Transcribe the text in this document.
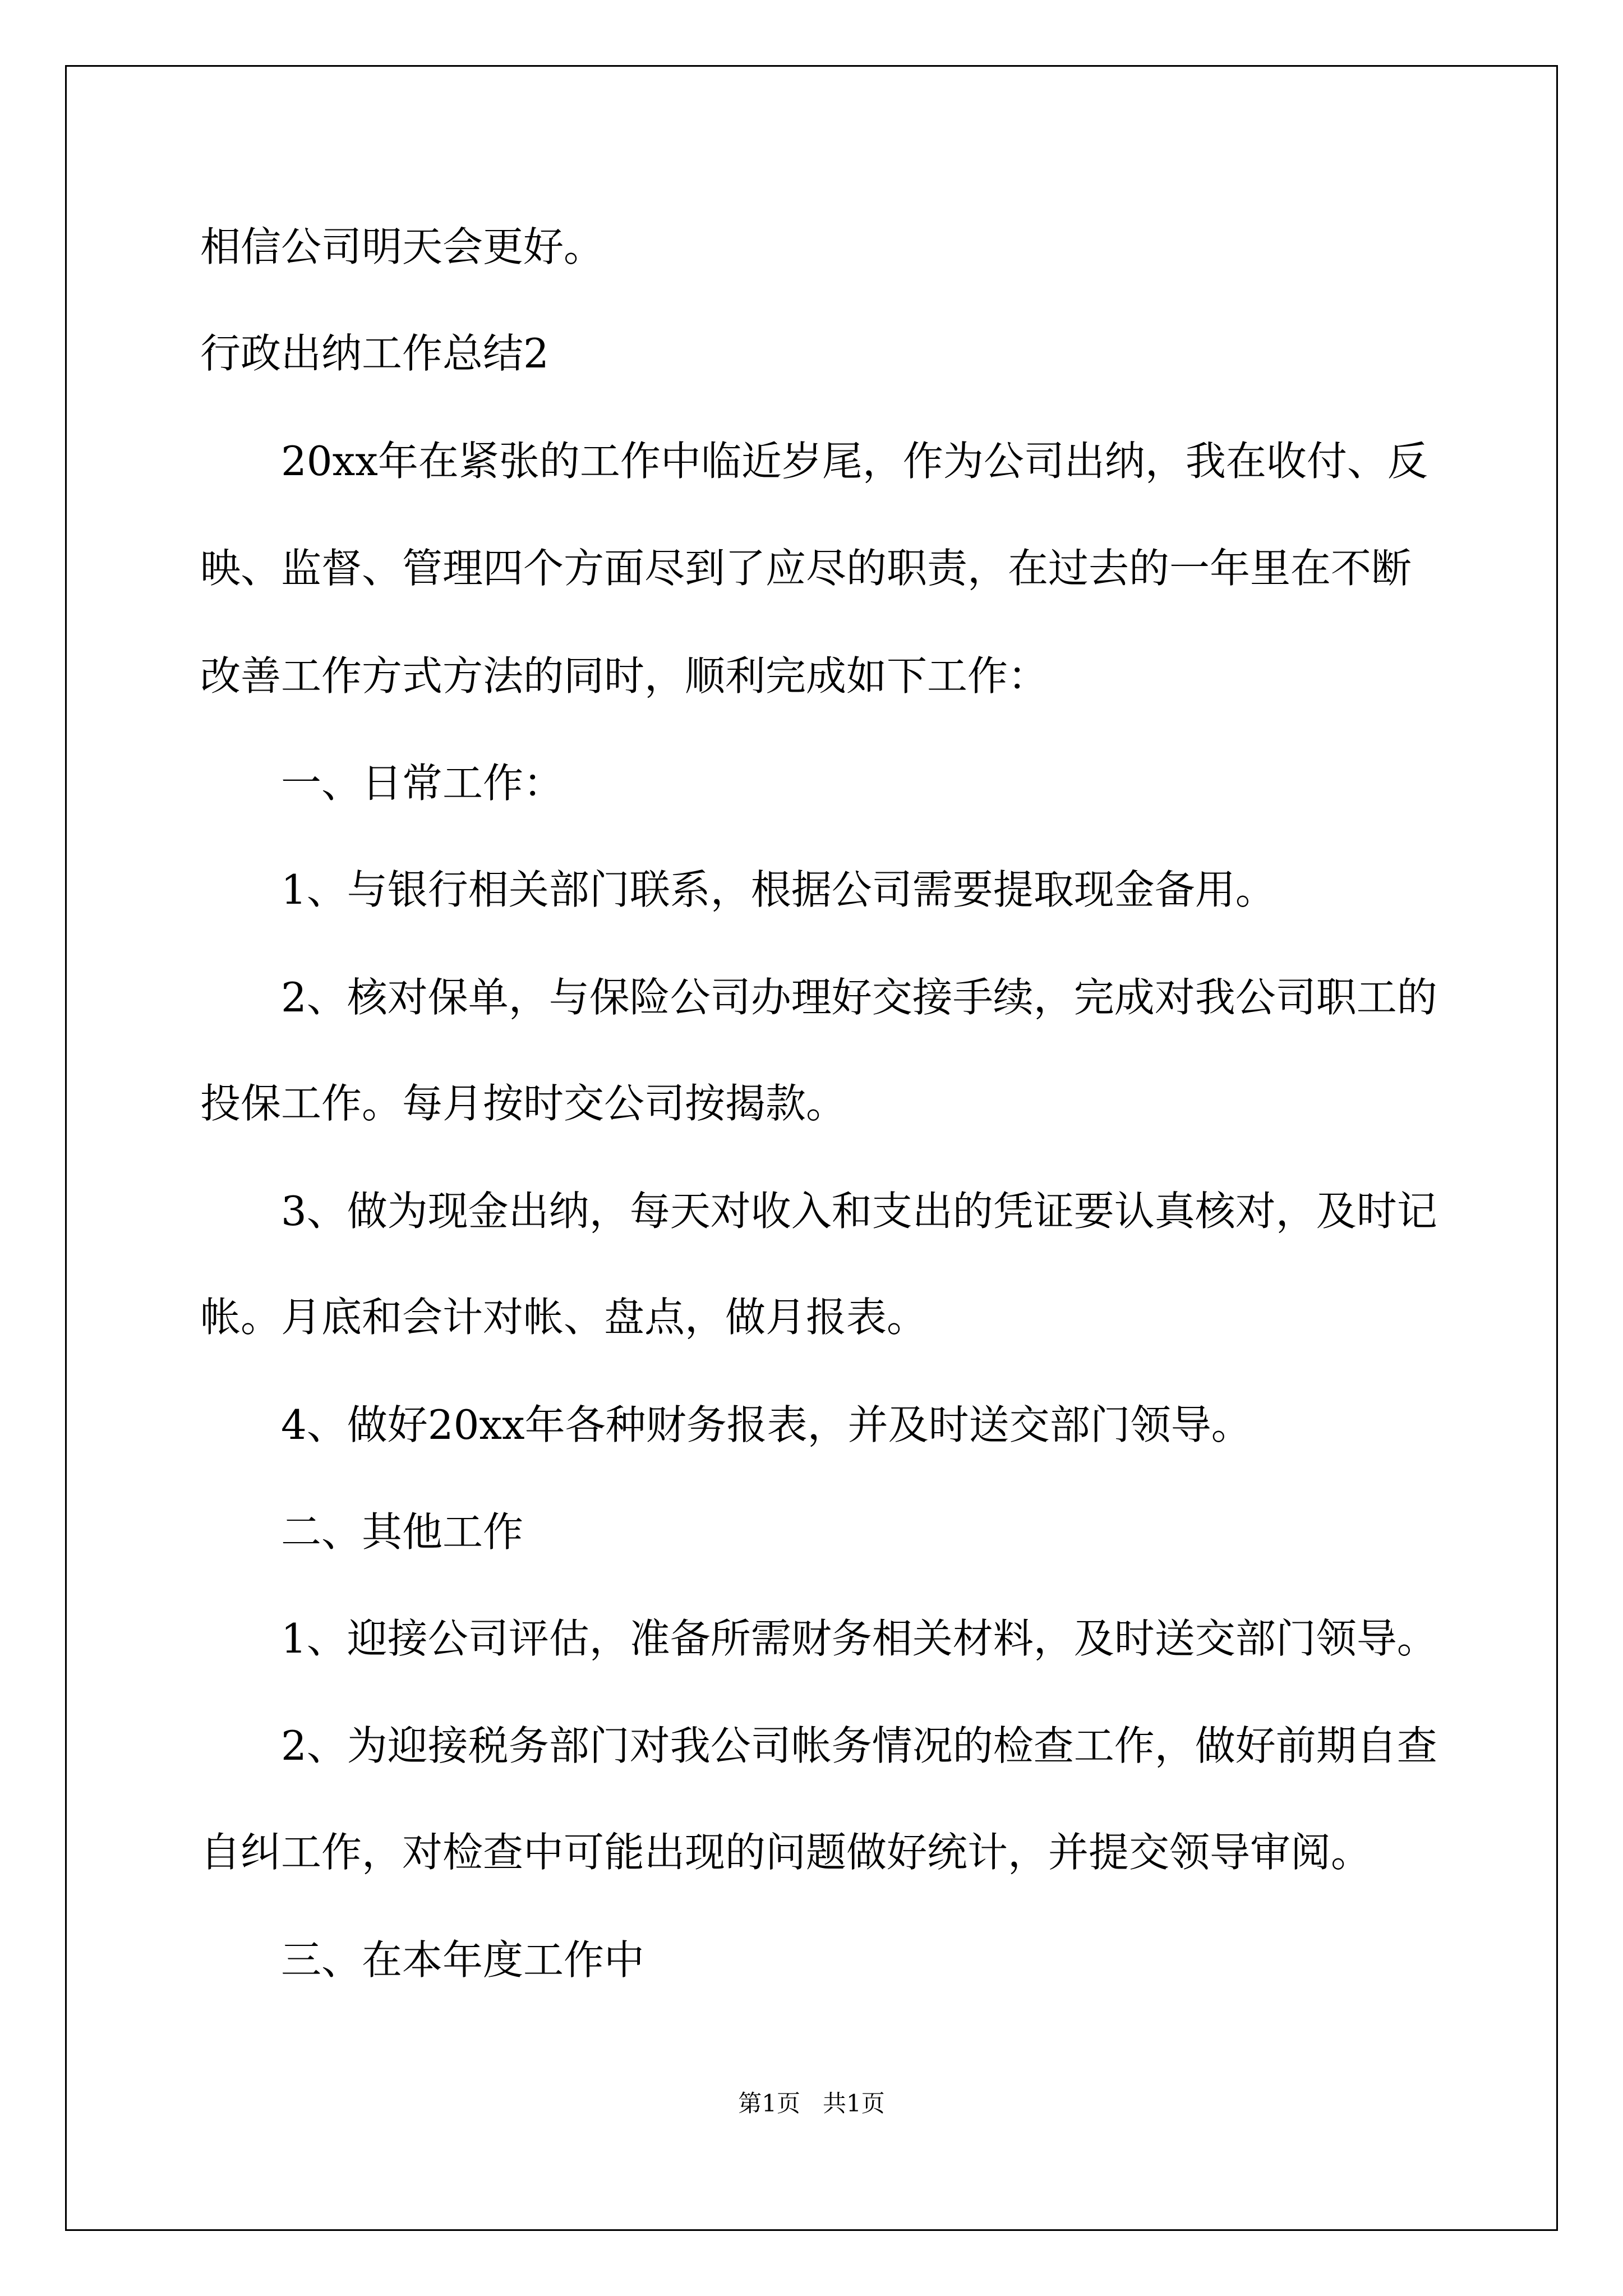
相信公司明天会更好。

行政出纳工作总结2

20xx年在紧张的工作中临近岁尾，作为公司出纳，我在收付、反

映、监督、管理四个方面尽到了应尽的职责，在过去的一年里在不断

改善工作方式方法的同时，顺利完成如下工作：

一、日常工作：

1、与银行相关部门联系，根据公司需要提取现金备用。

2、核对保单，与保险公司办理好交接手续，完成对我公司职工的

投保工作。每月按时交公司按揭款。

3、做为现金出纳，每天对收入和支出的凭证要认真核对，及时记

帐。月底和会计对帐、盘点，做月报表。

4、做好20xx年各种财务报表，并及时送交部门领导。

二、其他工作

1、迎接公司评估，准备所需财务相关材料，及时送交部门领导。

2、为迎接税务部门对我公司帐务情况的检查工作，做好前期自查

自纠工作，对检查中可能出现的问题做好统计，并提交领导审阅。

三、在本年度工作中

第1页   共1页
